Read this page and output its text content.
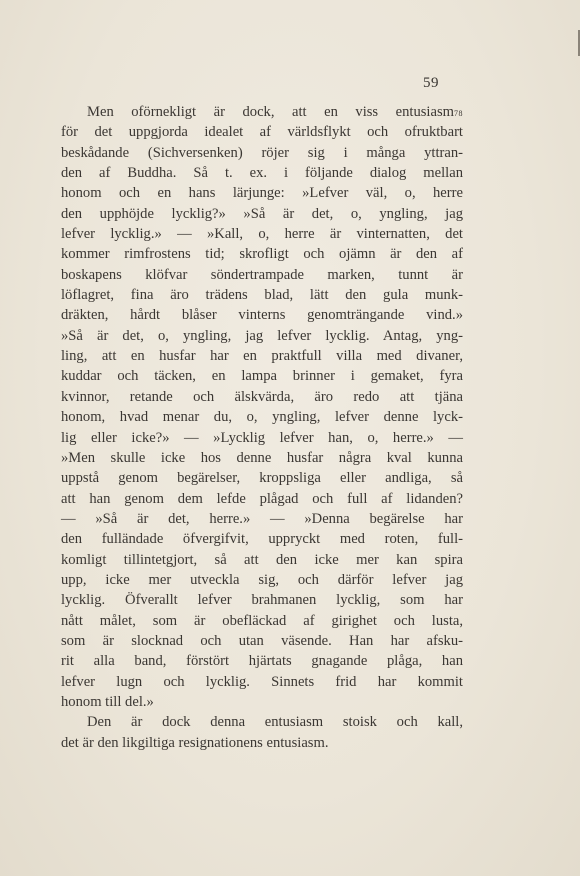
59
Men oförnekligt är dock, att en viss entusiasm 78
för det uppgjorda idealet af världsflykt och ofruktbart
beskådande (Sichversenken) röjer sig i många yttran-
den af Buddha. Så t. ex. i följande dialog mellan
honom och en hans lärjunge: »Lefver väl, o, herre
den upphöjde lycklig?» »Så är det, o, yngling, jag
lefver lycklig.» — »Kall, o, herre är vinternatten, det
kommer rimfrostens tid; skrofligt och ojämn är den af
boskapens klöfvar söndertrampade marken, tunnt är
löflagret, fina äro trädens blad, lätt den gula munk-
dräkten, hårdt blåser vinterns genomträngande vind.»
»Så är det, o, yngling, jag lefver lycklig. Antag, yng-
ling, att en husfar har en praktfull villa med divaner,
kuddar och täcken, en lampa brinner i gemaket, fyra
kvinnor, retande och älskvärda, äro redo att tjäna
honom, hvad menar du, o, yngling, lefver denne lyck-
lig eller icke?» — »Lycklig lefver han, o, herre.» —
»Men skulle icke hos denne husfar några kval kunna
uppstå genom begärelser, kroppsliga eller andliga, så
att han genom dem lefde plågad och full af lidanden?
— »Så är det, herre.» — »Denna begärelse har
den fulländade öfvergifvit, uppryckt med roten, full-
komligt tillintetgjort, så att den icke mer kan spira
upp, icke mer utveckla sig, och därför lefver jag
lycklig. Öfverallt lefver brahmanen lycklig, som har
nått målet, som är obefläckad af girighet och lusta,
som är slocknad och utan väsende. Han har afsku-
rit alla band, förstört hjärtats gnagande plåga, han
lefver lugn och lycklig. Sinnets frid har kommit
honom till del.»
Den är dock denna entusiasm stoisk och kall,
det är den likgiltiga resignationens entusiasm.
